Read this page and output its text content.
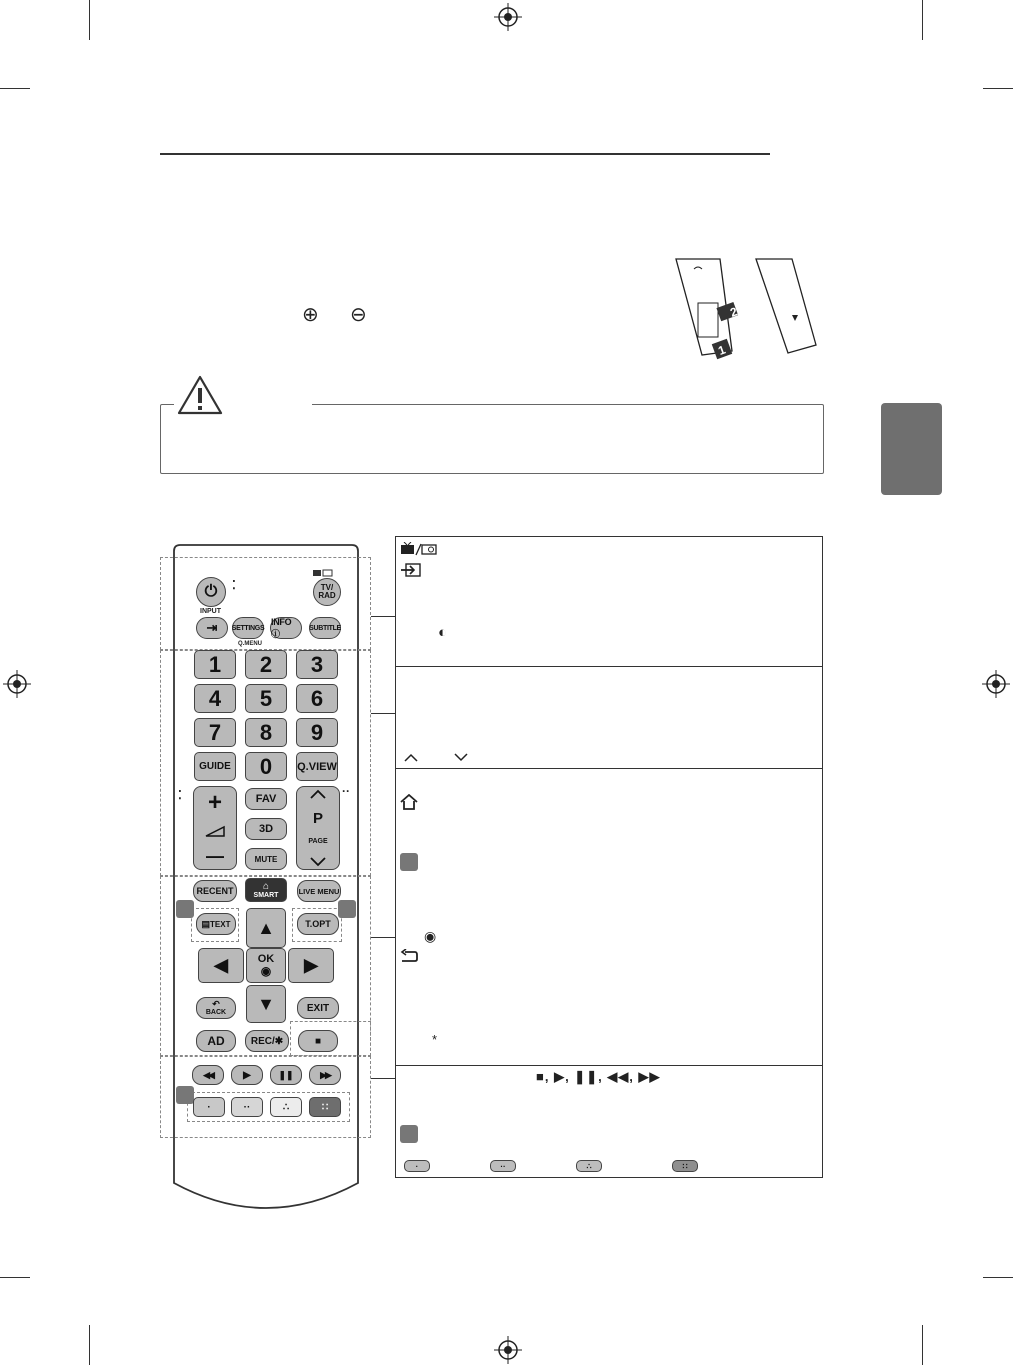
⊕ ⊖	2
1
⏻	⁚	TV/
RAD
INPUT
⇥	SETTINGS
Q.MENU
INFO ⓘ
SUBTITLE
1	2	3
4	5	6
7	8	9
GUIDE	0	Q.VIEW
⁚ +
—
FAV
3D
MUTE
··
P
PAGE
RECENT	⌂
SMART	LIVE MENU
▤ TEXT	T.OPT
▲
◀	OK
◉	▶
▼
↶
BACK	EXIT
AD	REC/✱	■
◀◀	▶	❚❚	▶▶
·	··	∴	∷
◐
◉
*
■, ▶, ❚❚, ◀◀, ▶▶
·	··	∴	∷
